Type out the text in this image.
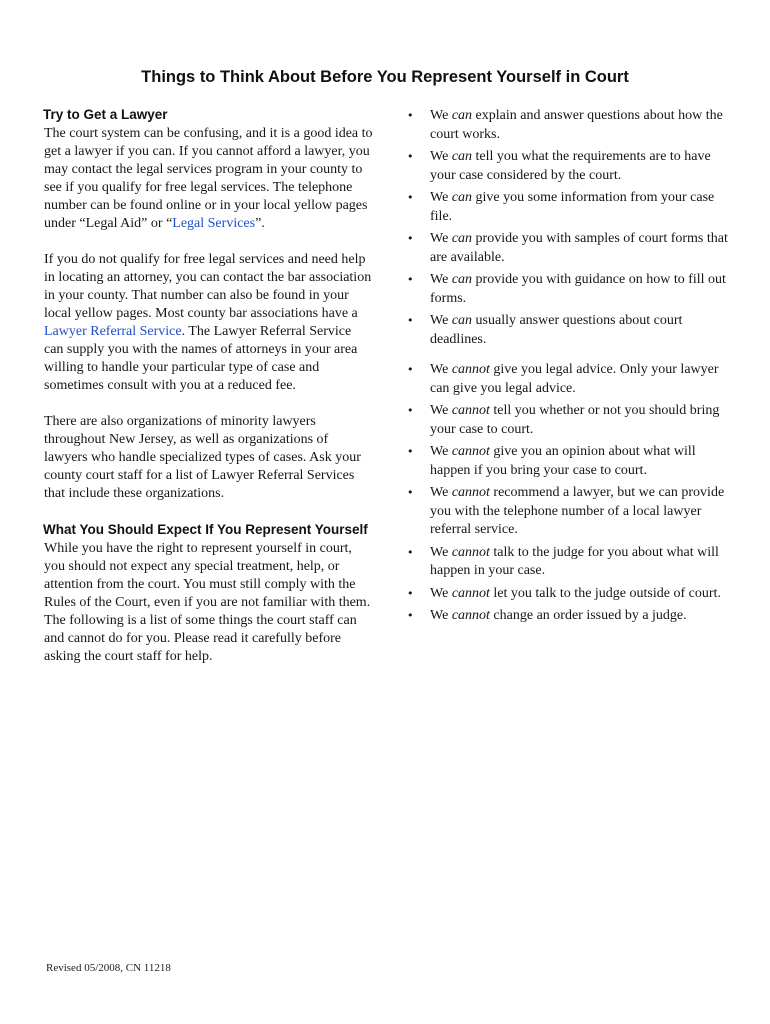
Things to Think About Before You Represent Yourself in Court
Try to Get a Lawyer

The court system can be confusing, and it is a good idea to get a lawyer if you can. If you cannot afford a lawyer, you may contact the legal services program in your county to see if you qualify for free legal services. The telephone number can be found online or in your local yellow pages under “Legal Aid” or “Legal Services”.

If you do not qualify for free legal services and need help in locating an attorney, you can contact the bar association in your county. That number can also be found in your local yellow pages. Most county bar associations have a Lawyer Referral Service. The Lawyer Referral Service can supply you with the names of attorneys in your area willing to handle your particular type of case and sometimes consult with you at a reduced fee.

There are also organizations of minority lawyers throughout New Jersey, as well as organizations of lawyers who handle specialized types of cases. Ask your county court staff for a list of Lawyer Referral Services that include these organizations.

What You Should Expect If You Represent Yourself

While you have the right to represent yourself in court, you should not expect any special treatment, help, or attention from the court. You must still comply with the Rules of the Court, even if you are not familiar with them. The following is a list of some things the court staff can and cannot do for you. Please read it carefully before asking the court staff for help.

• We can explain and answer questions about how the court works.
• We can tell you what the requirements are to have your case considered by the court.
• We can give you some information from your case file.
• We can provide you with samples of court forms that are available.
• We can provide you with guidance on how to fill out forms.
• We can usually answer questions about court deadlines.
• We cannot give you legal advice. Only your lawyer can give you legal advice.
• We cannot tell you whether or not you should bring your case to court.
• We cannot give you an opinion about what will happen if you bring your case to court.
• We cannot recommend a lawyer, but we can provide you with the telephone number of a local lawyer referral service.
• We cannot talk to the judge for you about what will happen in your case.
• We cannot let you talk to the judge outside of court.
• We cannot change an order issued by a judge.
Revised 05/2008, CN 11218
